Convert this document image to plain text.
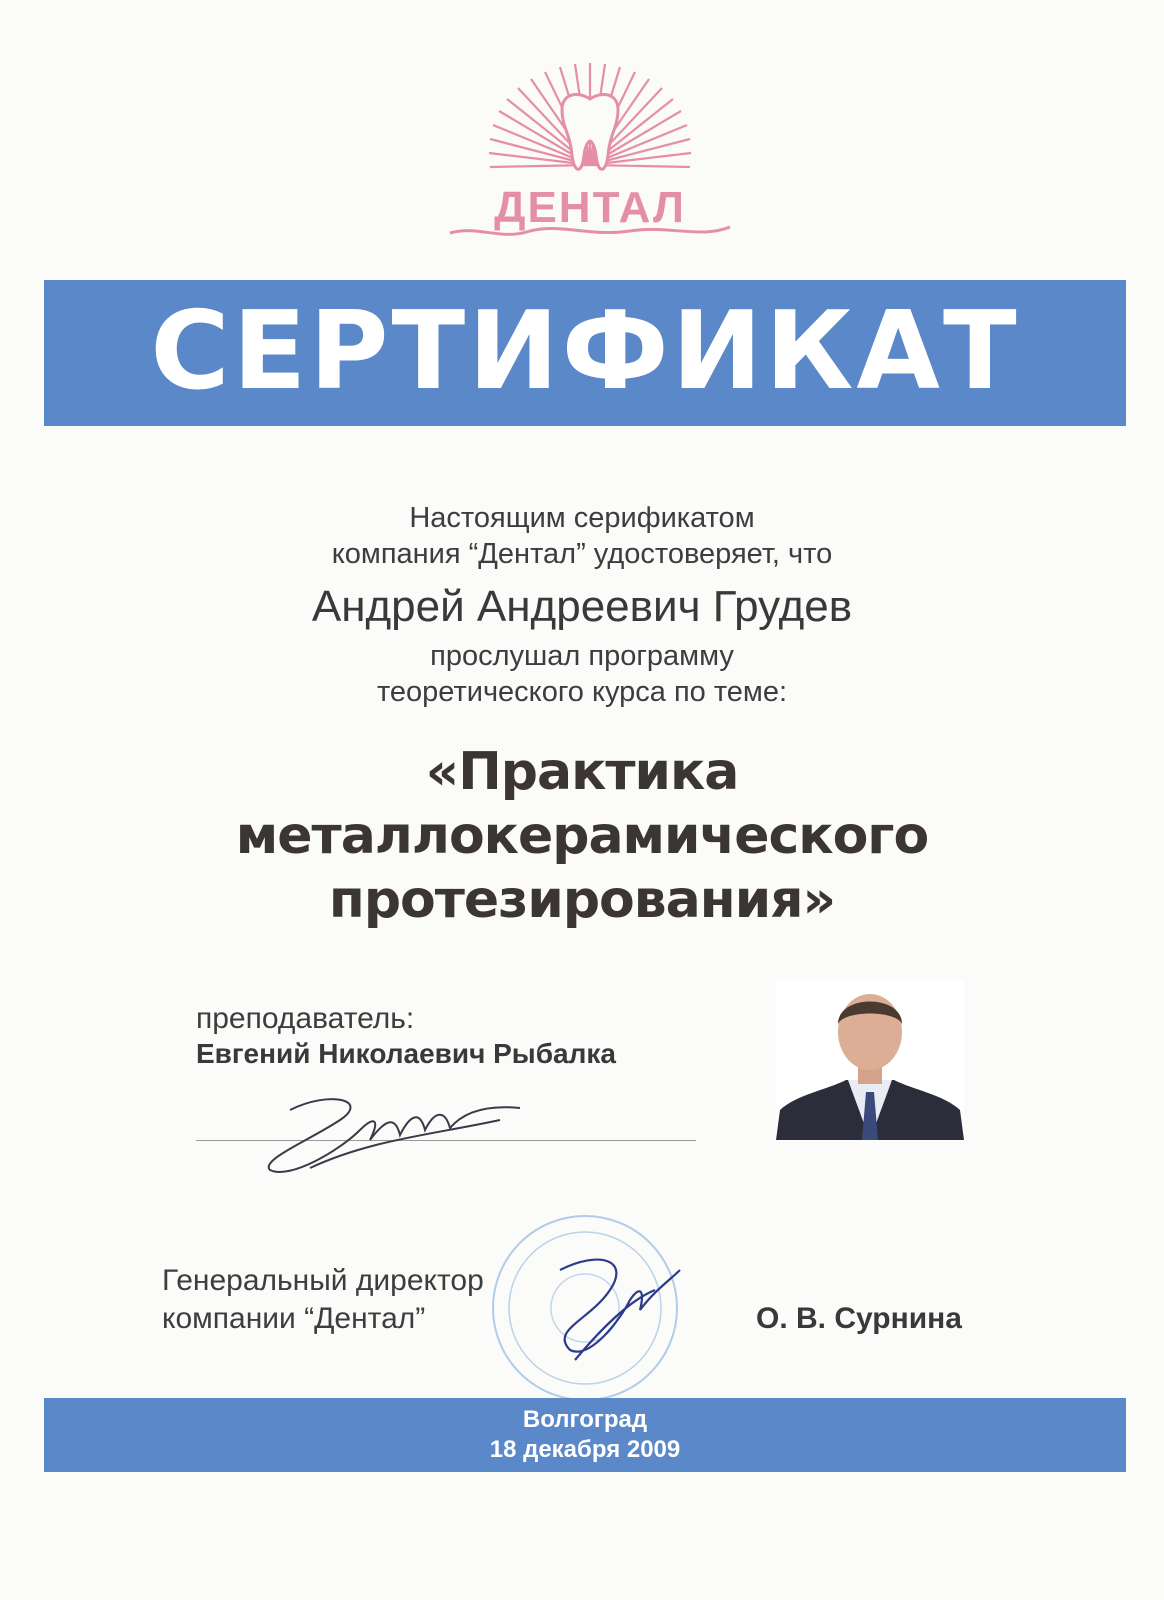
ДЕНТАЛ
СЕРТИФИКАТ
Настоящим серификатом
компания “Дентал” удостоверяет, что
Андрей Андреевич Грудев
прослушал программу
теоретического курса по теме:
«Практика
металлокерамического
протезирования»
преподаватель:
Евгений Николаевич Рыбалка
Генеральный директор
компании “Дентал”	О. В. Сурнина
Волгоград
18 декабря 2009
